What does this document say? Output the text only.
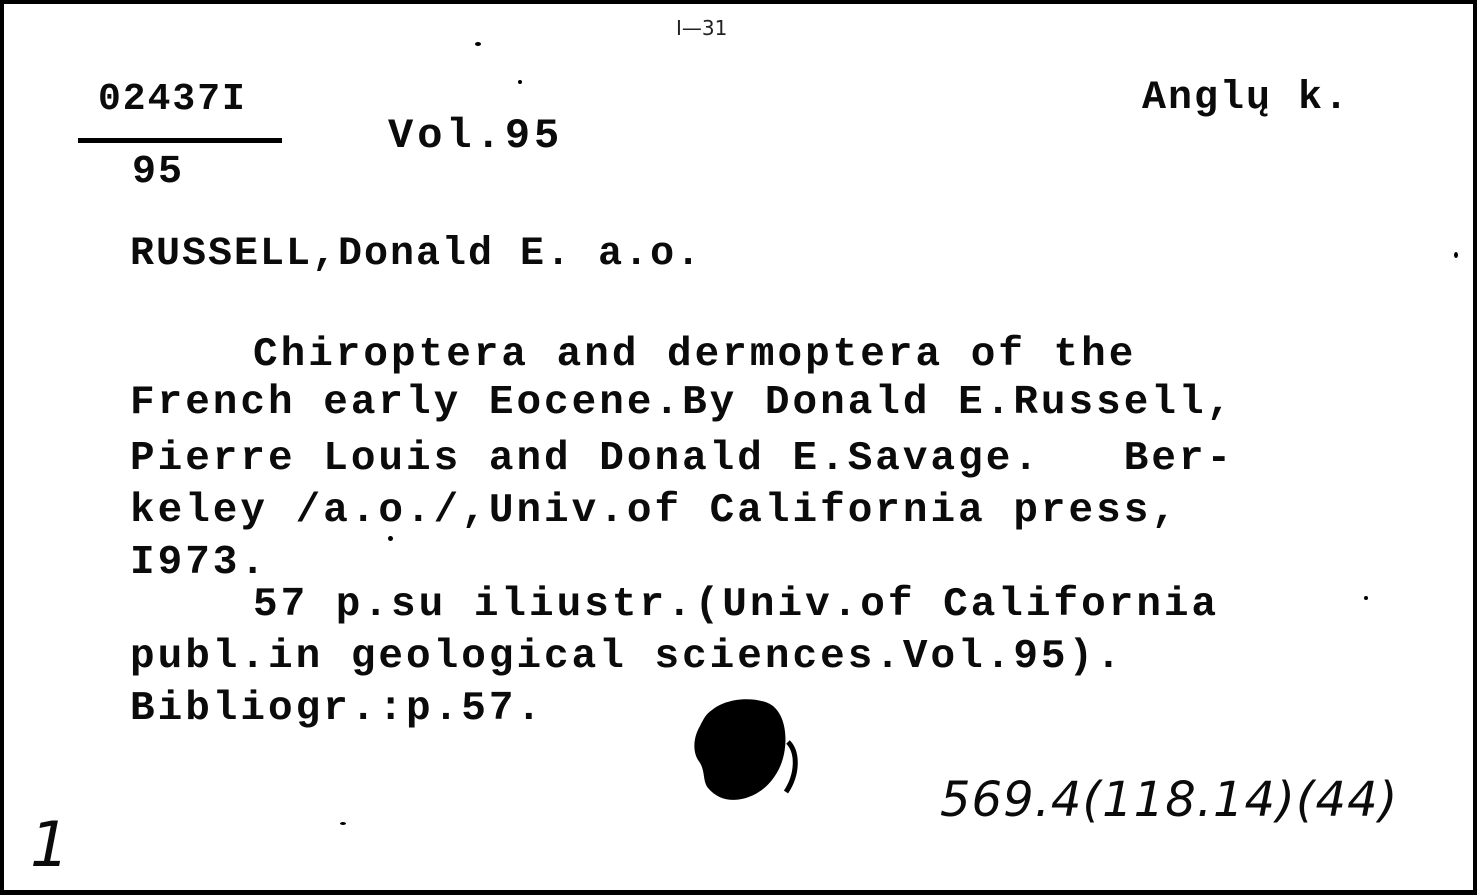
I—31
02437I
95
Vol.95
Anglų k.
RUSSELL,Donald E. a.o.
Chiroptera and dermoptera of the
French early Eocene.By Donald E.Russell,
Pierre Louis and Donald E.Savage.   Ber-
keley /a.o./,Univ.of California press,
I973.
57 p.su iliustr.(Univ.of California
publ.in geological sciences.Vol.95).
Bibliogr.:p.57.
569.4(118.14)(44)
1
